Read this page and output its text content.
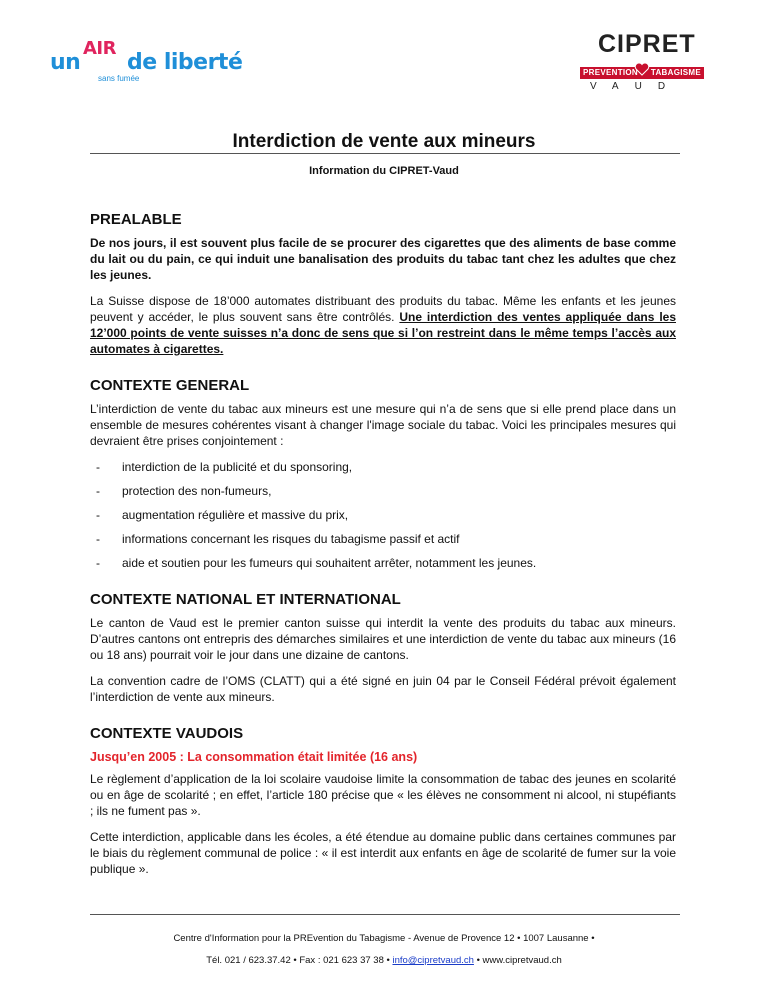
un
AIR
de liberté
sans fumée
CIPRET
PREVENTION TABAGISME
VAUD
Interdiction de vente aux mineurs
Information du CIPRET-Vaud
PREALABLE

De nos jours, il est souvent plus facile de se procurer des cigarettes que des aliments de base comme du lait ou du pain, ce qui induit une banalisation des produits du tabac tant chez les adultes que chez les jeunes.

La Suisse dispose de 18’000 automates distribuant des produits du tabac. Même les enfants et les jeunes peuvent y accéder, le plus souvent sans être contrôlés. Une interdiction des ventes appliquée dans les 12’000 points de vente suisses n’a donc de sens que si l’on restreint dans le même temps l’accès aux automates à cigarettes.

CONTEXTE GENERAL

L’interdiction de vente du tabac aux mineurs est une mesure qui n’a de sens que si elle prend place dans un ensemble de mesures cohérentes visant à changer l'image sociale du tabac. Voici les principales mesures qui devraient être prises conjointement :

- interdiction de la publicité et du sponsoring,
- protection des non-fumeurs,
- augmentation régulière et massive du prix,
- informations concernant les risques du tabagisme passif et actif
- aide et soutien pour les fumeurs qui souhaitent arrêter, notamment les jeunes.
CONTEXTE NATIONAL ET INTERNATIONAL

Le canton de Vaud est le premier canton suisse qui interdit la vente des produits du tabac aux mineurs. D’autres cantons ont entrepris des démarches similaires et une interdiction de vente du tabac aux mineurs (16 ou 18 ans) pourrait voir le jour dans une dizaine de cantons.

La convention cadre de l’OMS (CLATT) qui a été signé en juin 04 par le Conseil Fédéral prévoit également l’interdiction de vente aux mineurs.

CONTEXTE VAUDOIS
Jusqu’en 2005 : La consommation était limitée (16 ans)

Le règlement d’application de la loi scolaire vaudoise limite la consommation de tabac des jeunes en scolarité ou en âge de scolarité ; en effet, l’article 180 précise que « les élèves ne consomment ni alcool, ni stupéfiants ; ils ne fument pas ».

Cette interdiction, applicable dans les écoles, a été étendue au domaine public dans certaines communes par le biais du règlement communal de police : « il est interdit aux enfants en âge de scolarité de fumer sur la voie publique ».

Centre d'Information pour la PREvention du Tabagisme - Avenue de Provence 12 • 1007 Lausanne •
Tél. 021 / 623.37.42 • Fax : 021 623 37 38 • info@cipretvaud.ch • www.cipretvaud.ch
